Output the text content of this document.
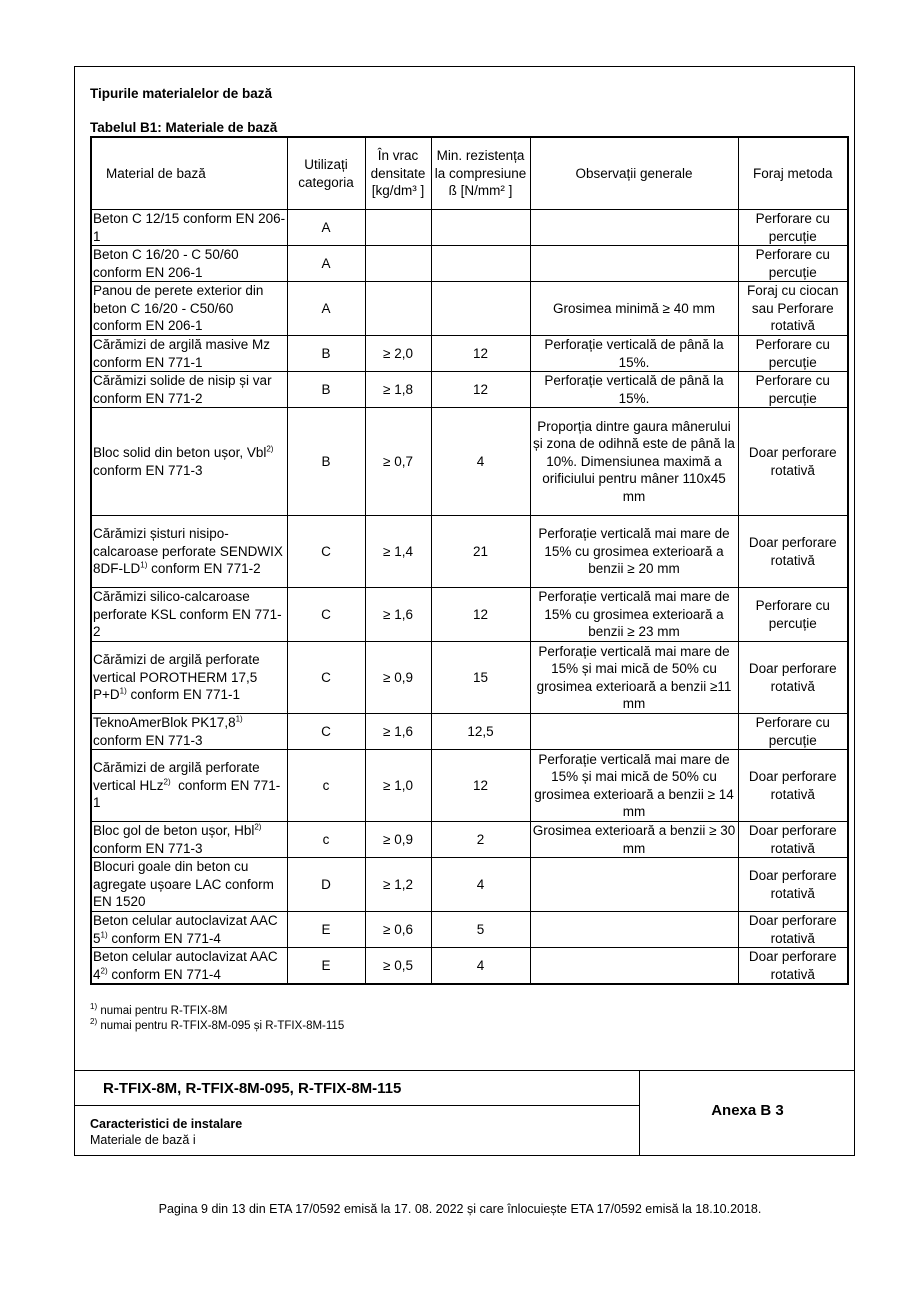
Tipurile materialelor de bază
Tabelul B1: Materiale de bază
Material de bază	Utilizați categoria	În vrac densitate [kg/dm³ ]	Min. rezistența la compresiune ß [N/mm² ]	Observații generale	Foraj metoda
Beton C 12/15 conform EN 206-1	A				Perforare cu percuție
Beton C 16/20 - C 50/60 conform EN 206-1	A				Perforare cu percuție
Panou de perete exterior din beton C 16/20 - C50/60 conform EN 206-1	A			Grosimea minimă ≥ 40 mm	Foraj cu ciocan sau Perforare rotativă
Cărămizi de argilă masive Mz conform EN 771-1	B	≥ 2,0	12	Perforație verticală de până la 15%.	Perforare cu percuție
Cărămizi solide de nisip și var conform EN 771-2	B	≥ 1,8	12	Perforație verticală de până la 15%.	Perforare cu percuție
Bloc solid din beton ușor, Vbl$^{2)}$  conform EN 771-3	B	≥ 0,7	4	Proporția dintre gaura mânerului și zona de odihnă este de până la 10%. Dimensiunea maximă a orificiului pentru mâner 110x45 mm	Doar perforare rotativă
Cărămizi șisturi nisipo-calcaroase perforate SENDWIX 8DF-LD$^{1)}$ conform EN 771-2	C	≥ 1,4	21	Perforație verticală mai mare de 15% cu grosimea exterioară a benzii ≥ 20 mm	Doar perforare rotativă
Cărămizi silico-calcaroase perforate KSL conform EN 771-2	C	≥ 1,6	12	Perforație verticală mai mare de 15% cu grosimea exterioară a benzii ≥ 23 mm	Perforare cu percuție
Cărămizi de argilă perforate vertical POROTHERM 17,5 $P+D^{1)}$ conform EN 771-1	C	≥ 0,9	15	Perforație verticală mai mare de 15% și mai mică de 50% cu grosimea exterioară a benzii ≥11 mm	Doar perforare rotativă
TeknoAmerBlok PK17,8$^{1)}$ conform EN 771-3	C	≥ 1,6	12,5		Perforare cu percuție
Cărămizi de argilă perforate vertical HLz$^{2)}$  conform EN 771-1	c	≥ 1,0	12	Perforație verticală mai mare de 15% și mai mică de 50% cu grosimea exterioară a benzii ≥ 14 mm	Doar perforare rotativă
Bloc gol de beton ușor, Hbl$^{2)}$ conform EN 771-3	c	≥ 0,9	2	Grosimea exterioară a benzii ≥ 30 mm	Doar perforare rotativă
Blocuri goale din beton cu agregate ușoare LAC conform EN 1520	D	≥ 1,2	4		Doar perforare rotativă
Beton celular autoclavizat AAC 5$^{1)}$ conform EN 771-4	E	≥ 0,6	5		Doar perforare rotativă
Beton celular autoclavizat AAC 4$^{2)}$ conform EN 771-4	E	≥ 0,5	4		Doar perforare rotativă
$^{1)}$ numai pentru R-TFIX-8M
$^{2)}$ numai pentru R-TFIX-8M-095 și R-TFIX-8M-115
R-TFIX-8M, R-TFIX-8M-095, R-TFIX-8M-115
Caracteristici de instalare
Materiale de bază i
Anexa B 3
Pagina 9 din 13 din ETA 17/0592 emisă la 17. 08. 2022 și care înlocuiește ETA 17/0592 emisă la 18.10.2018.
